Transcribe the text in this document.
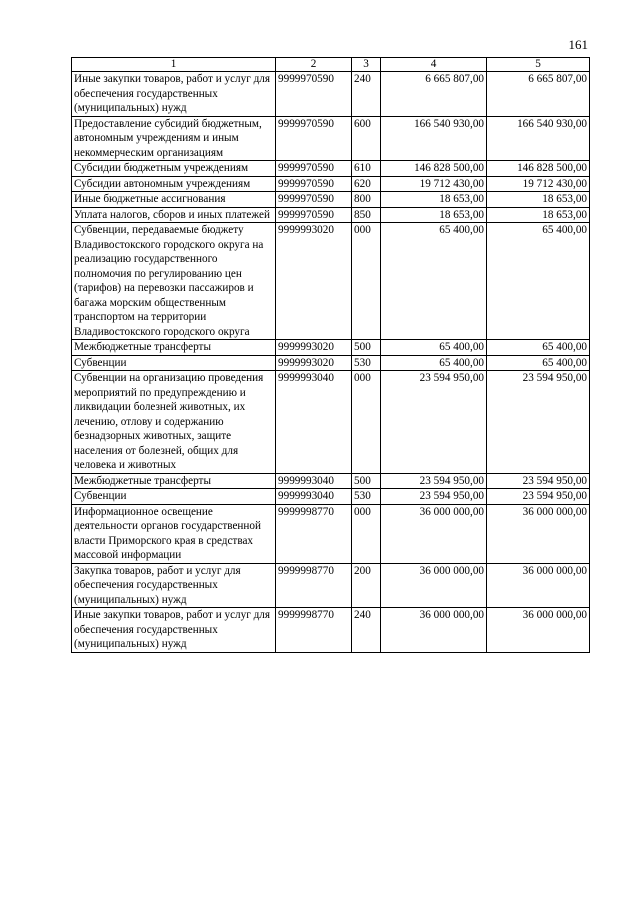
161
1	2	3	4	5
Иные закупки товаров, работ и услуг для обеспечения государственных (муниципальных) нужд	9999970590	240	6 665 807,00	6 665 807,00
Предоставление субсидий бюджетным, автономным учреждениям и иным некоммерческим организациям	9999970590	600	166 540 930,00	166 540 930,00
Субсидии бюджетным учреждениям	9999970590	610	146 828 500,00	146 828 500,00
Субсидии автономным учреждениям	9999970590	620	19 712 430,00	19 712 430,00
Иные бюджетные ассигнования	9999970590	800	18 653,00	18 653,00
Уплата налогов, сборов и иных платежей	9999970590	850	18 653,00	18 653,00
Субвенции, передаваемые бюджету Владивостокского городского округа на реализацию государственного полномочия по регулированию цен (тарифов) на перевозки пассажиров и багажа морским общественным транспортом на территории Владивостокского городского округа	9999993020	000	65 400,00	65 400,00
Межбюджетные трансферты	9999993020	500	65 400,00	65 400,00
Субвенции	9999993020	530	65 400,00	65 400,00
Субвенции на организацию проведения мероприятий по предупреждению и ликвидации болезней животных, их лечению, отлову и содержанию безнадзорных животных, защите населения от болезней, общих для человека и животных	9999993040	000	23 594 950,00	23 594 950,00
Межбюджетные трансферты	9999993040	500	23 594 950,00	23 594 950,00
Субвенции	9999993040	530	23 594 950,00	23 594 950,00
Информационное освещение деятельности органов государственной власти Приморского края в средствах массовой информации	9999998770	000	36 000 000,00	36 000 000,00
Закупка товаров, работ и услуг для обеспечения государственных (муниципальных) нужд	9999998770	200	36 000 000,00	36 000 000,00
Иные закупки товаров, работ и услуг для обеспечения государственных (муниципальных) нужд	9999998770	240	36 000 000,00	36 000 000,00
